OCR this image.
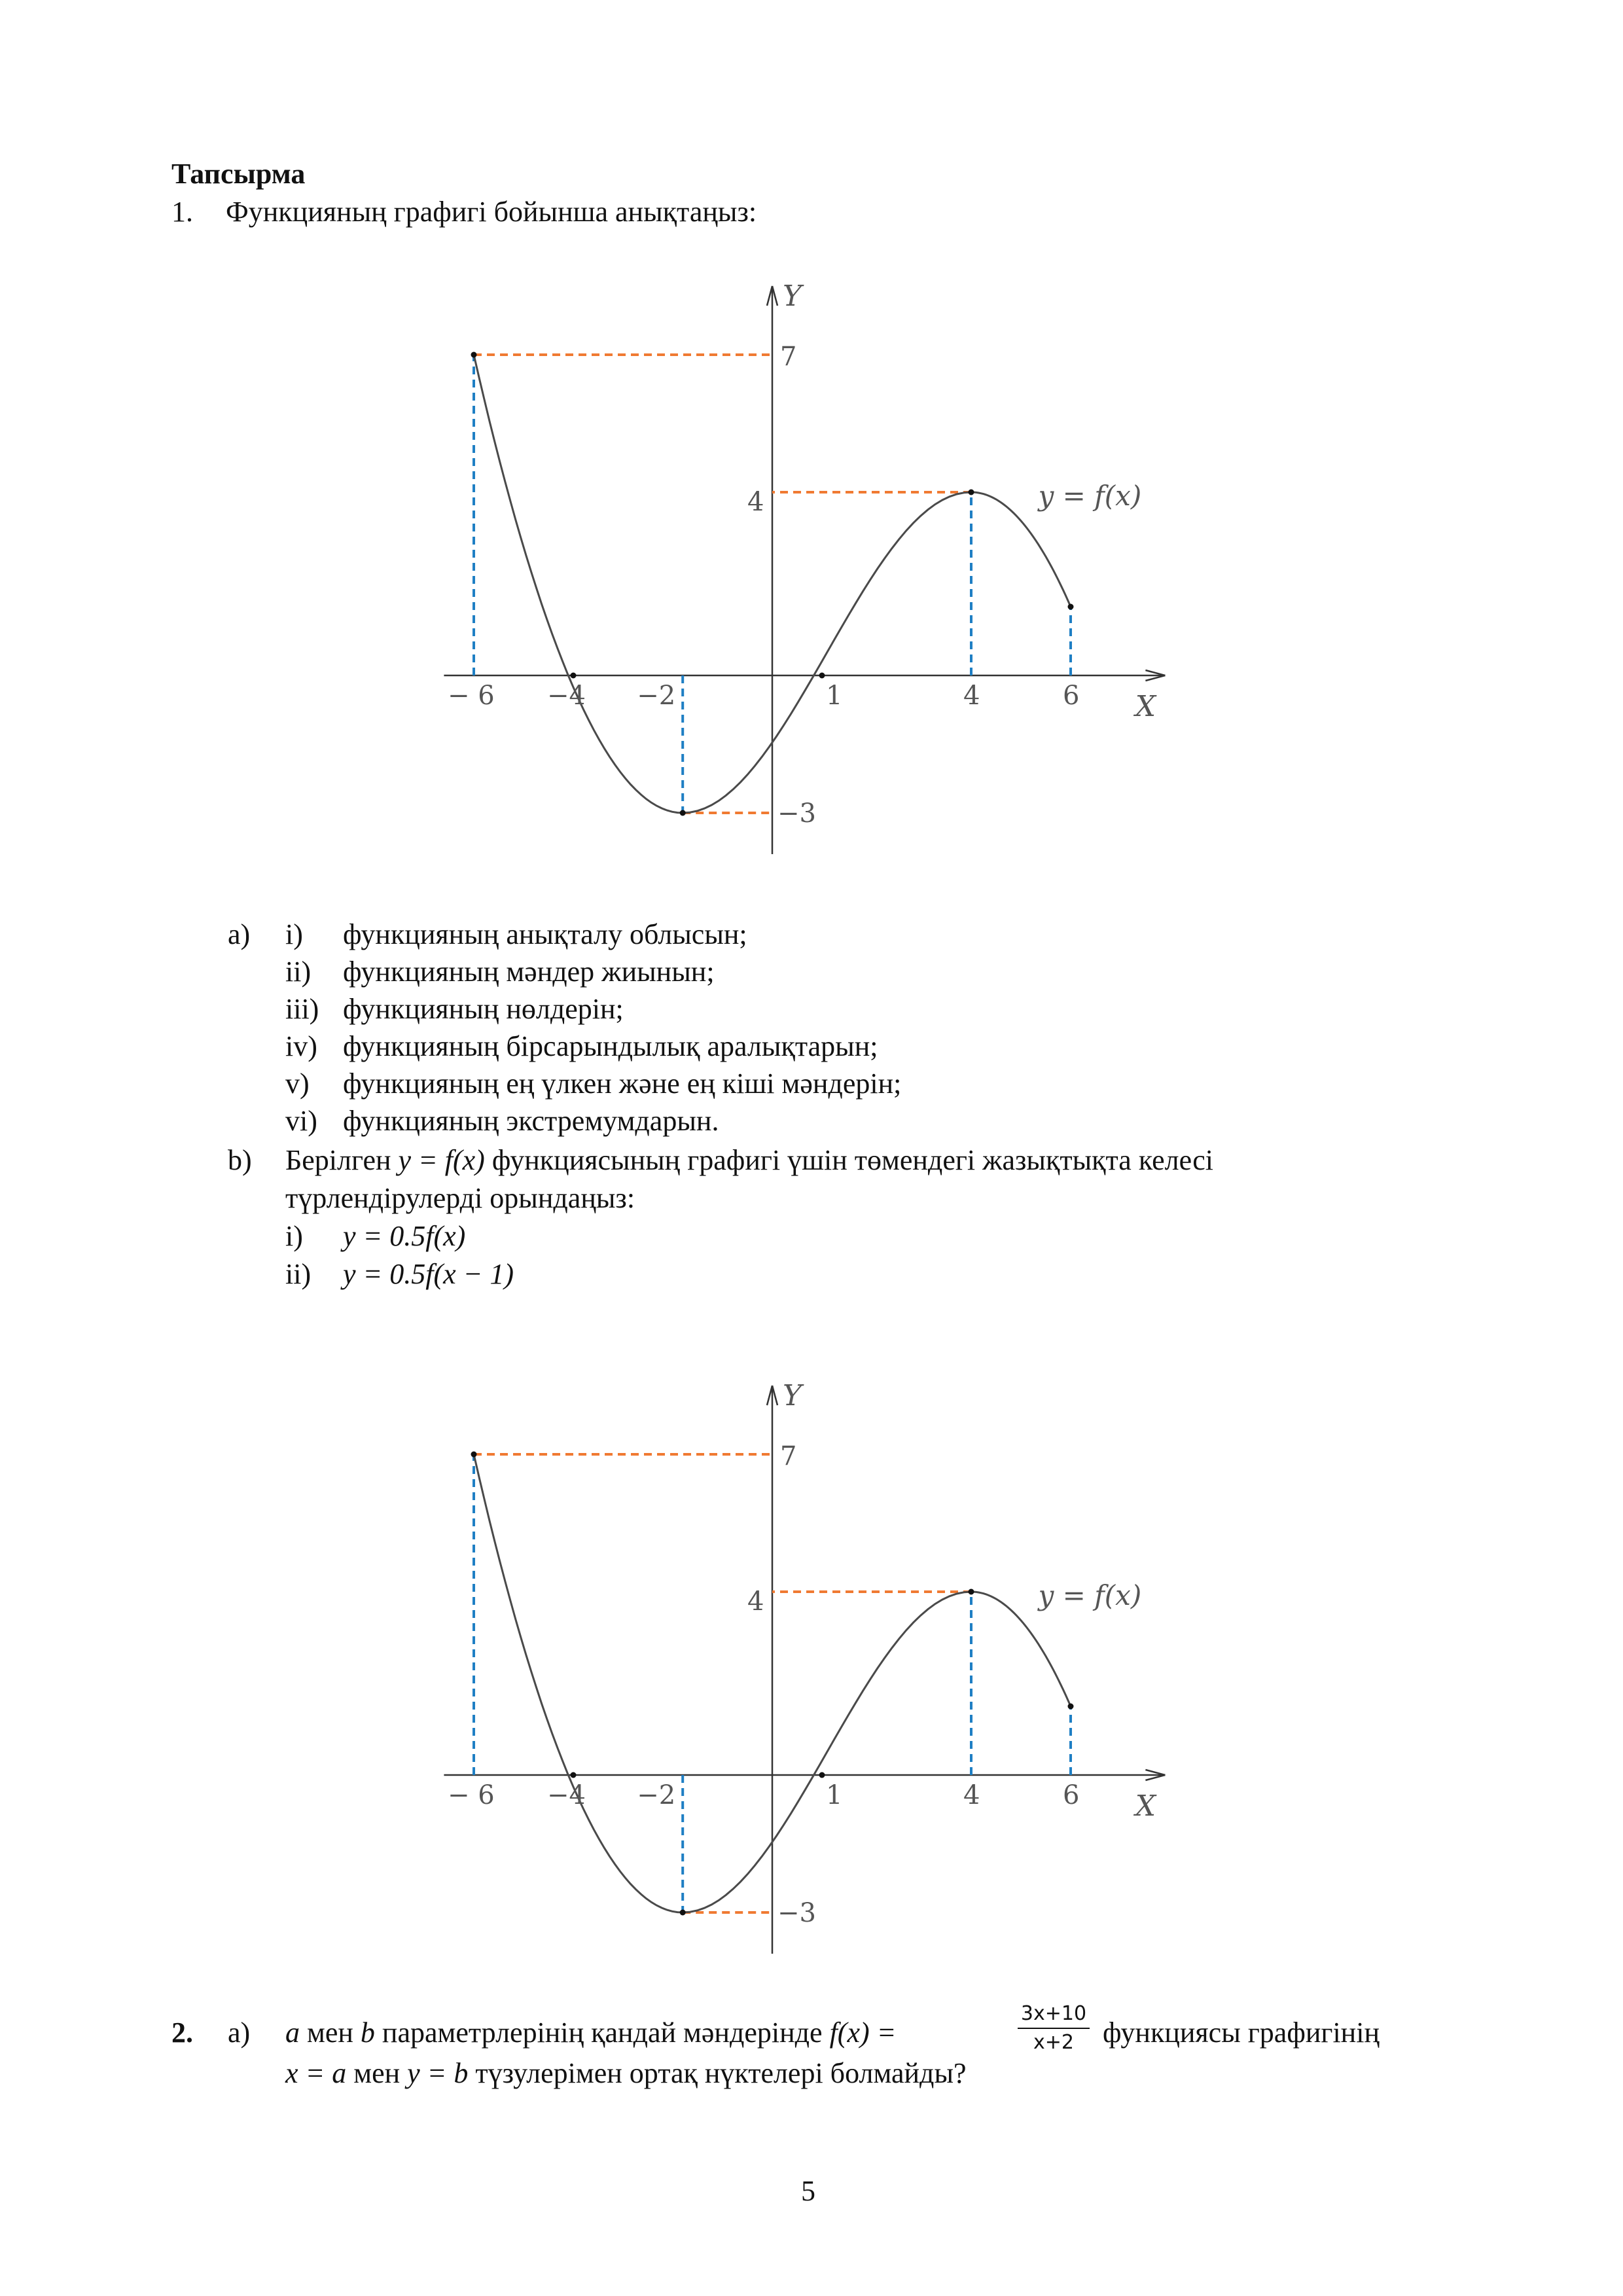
Тапсырма
1. Функцияның графигі бойынша анықтаңыз:
Y
X
− 6 −4 −2	1	4	6
7
4
−3
y = f(x)
a) i) функцияның анықталу облысын;
ii) функцияның мәндер жиынын;
iii) функцияның нөлдерін;
iv) функцияның бірсарындылық аралықтарын;
v) функцияның ең үлкен және ең кіші мәндерін;
vi) функцияның экстремумдарын.
b) Берілген y = f(x) функциясының графигі үшін төмендегі жазықтықта келесі
түрлендірулерді орындаңыз:
i) y = 0.5f(x)
ii) y = 0.5f(x − 1)
Y
X
− 6 −4 −2	1	4	6
7
4
−3
y = f(x)
2. a) a мен b параметрлерінің қандай мәндерінде f(x) =
3x+10
x+2	функциясы графигінің
x = a мен y = b түзулерімен ортақ нүктелері болмайды?
5
